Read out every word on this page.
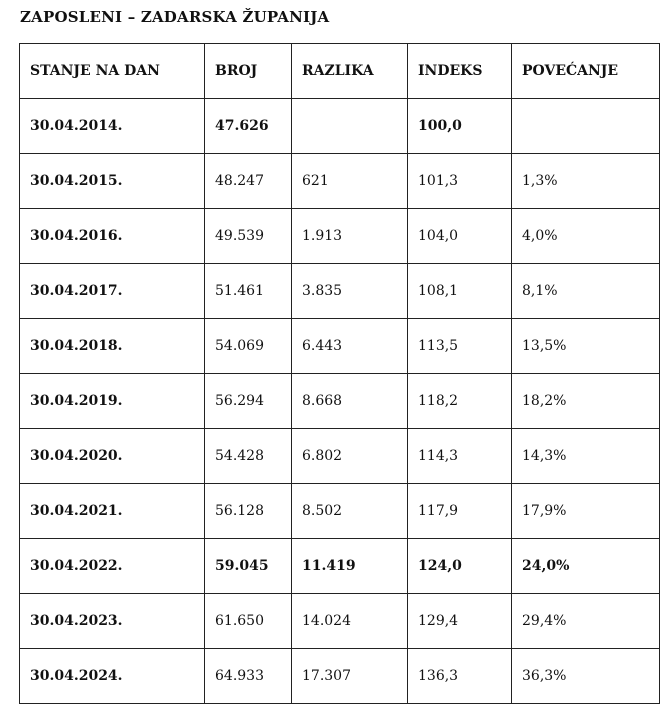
ZAPOSLENI – ZADARSKA ŽUPANIJA
STANJE NA DAN	BROJ	RAZLIKA	INDEKS	POVEĆANJE
30.04.2014.	47.626		100,0	
30.04.2015.	48.247	621	101,3	1,3%
30.04.2016.	49.539	1.913	104,0	4,0%
30.04.2017.	51.461	3.835	108,1	8,1%
30.04.2018.	54.069	6.443	113,5	13,5%
30.04.2019.	56.294	8.668	118,2	18,2%
30.04.2020.	54.428	6.802	114,3	14,3%
30.04.2021.	56.128	8.502	117,9	17,9%
30.04.2022.	59.045	11.419	124,0	24,0%
30.04.2023.	61.650	14.024	129,4	29,4%
30.04.2024.	64.933	17.307	136,3	36,3%
